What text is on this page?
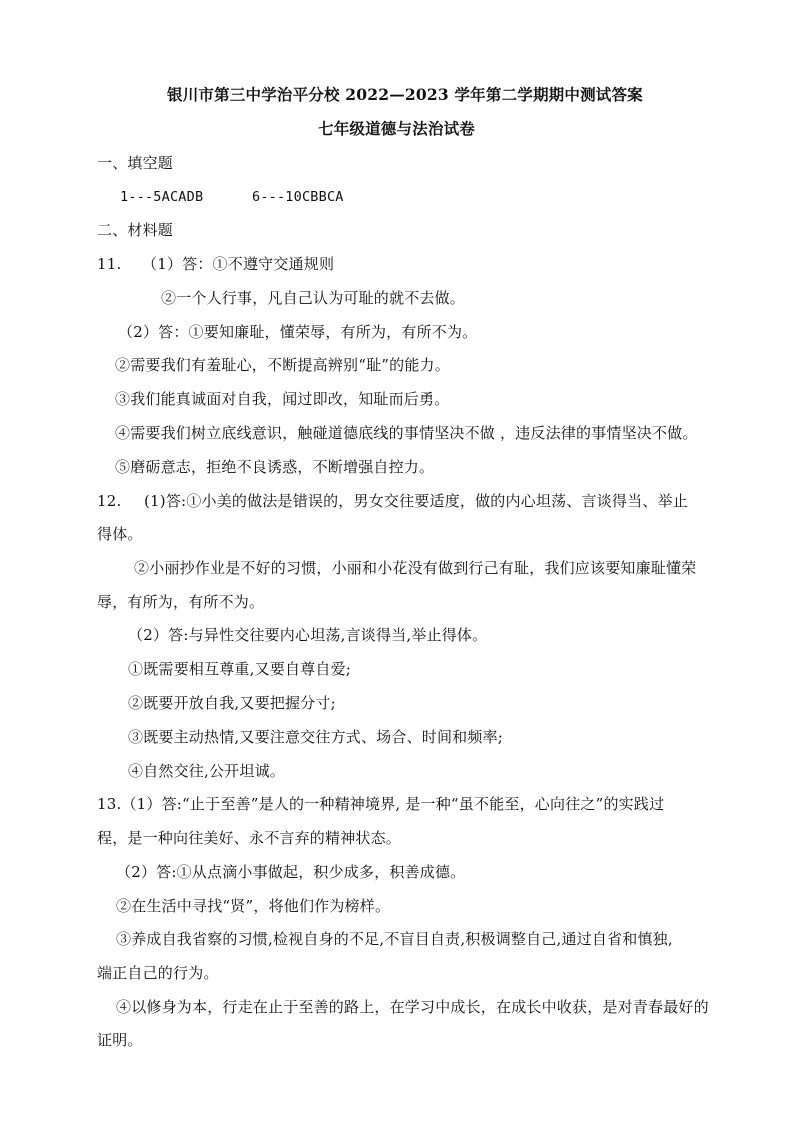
银川市第三中学治平分校 2022—2023 学年第二学期期中测试答案
七年级道德与法治试卷
一、填空题
1---5ACADB	6---10CBBCA
二、材料题
11. （1）答：①不遵守交通规则
②一个人行事，凡自己认为可耻的就不去做。
（2）答：①要知廉耻，懂荣辱，有所为，有所不为。
②需要我们有羞耻心，不断提高辨别“耻”的能力。
③我们能真诚面对自我，闻过即改，知耻而后勇。
④需要我们树立底线意识，触碰道德底线的事情坚决不做 ，违反法律的事情坚决不做。
⑤磨砺意志，拒绝不良诱惑，不断增强自控力。
12. (1)答:①小美的做法是错误的，男女交往要适度，做的内心坦荡、言谈得当、举止
得体。
②小丽抄作业是不好的习惯，小丽和小花没有做到行己有耻，我们应该要知廉耻懂荣
辱，有所为，有所不为。
（2）答:与异性交往要内心坦荡,言谈得当,举止得体。
①既需要相互尊重,又要自尊自爱;
②既要开放自我,又要把握分寸;
③既要主动热情,又要注意交往方式、场合、时间和频率;
④自然交往,公开坦诚。
13.（1）答:“止于至善”是人的一种精神境界, 是一种“虽不能至，心向往之”的实践过
程，是一种向往美好、永不言弃的精神状态。
（2）答:①从点滴小事做起，积少成多，积善成德。
②在生活中寻找“贤”，将他们作为榜样。
③养成自我省察的习惯,检视自身的不足,不盲目自责,积极调整自己,通过自省和慎独,
端正自己的行为。
④以修身为本，行走在止于至善的路上，在学习中成长，在成长中收获，是对青春最好的
证明。
